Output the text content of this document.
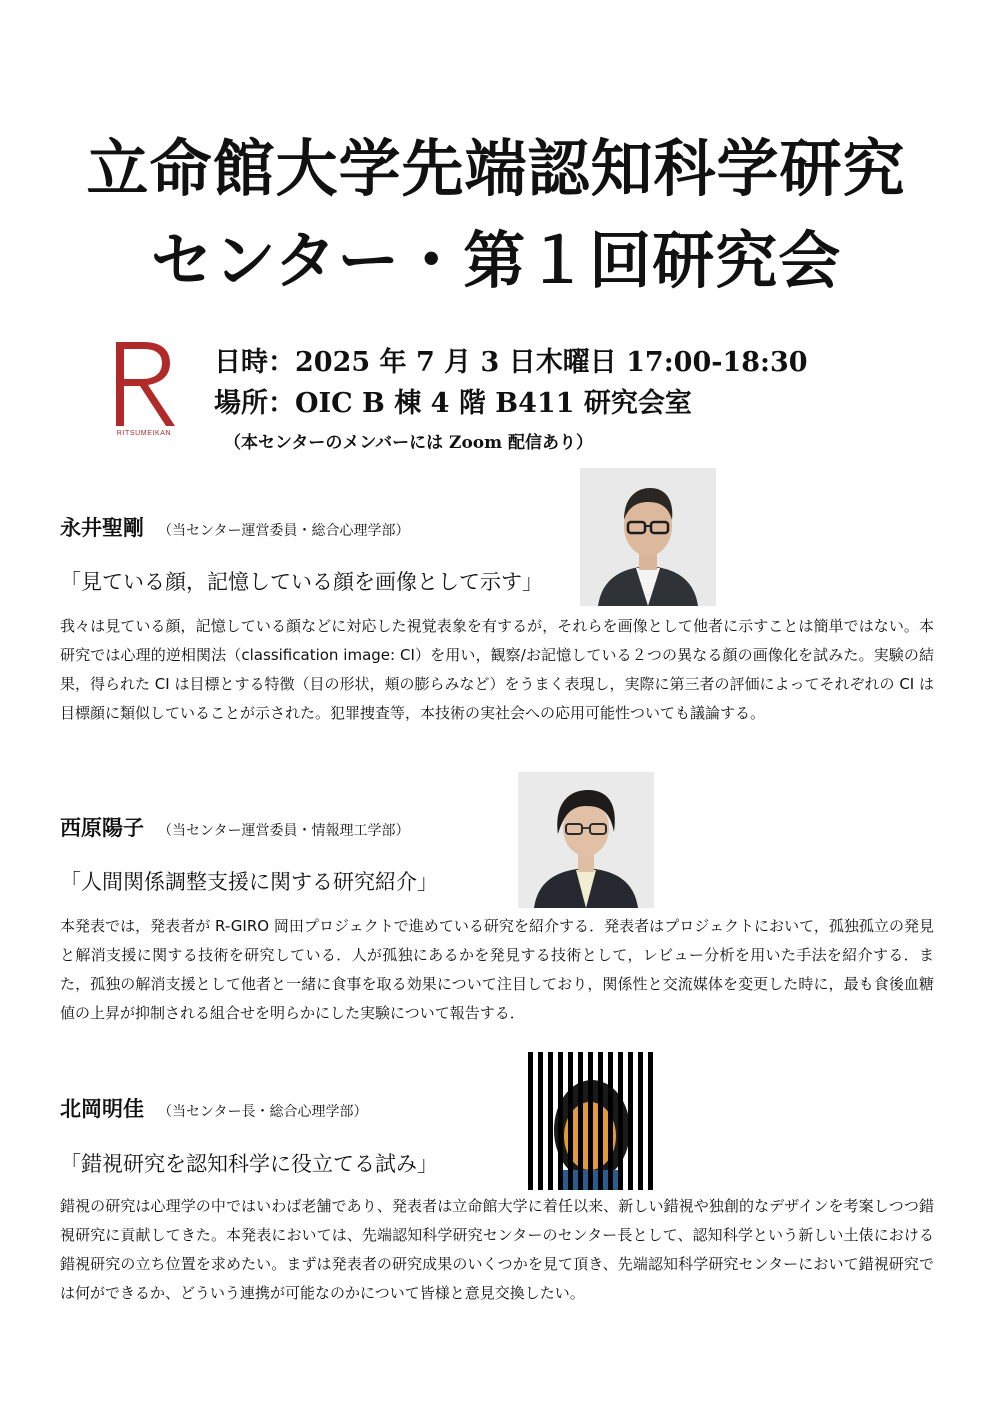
立命館大学先端認知科学研究
センター・第１回研究会
RITSUMEIKAN
日時：2025 年 7 月 3 日木曜日 17:00-18:30
場所：OIC B 棟 4 階 B411 研究会室
（本センターのメンバーには Zoom 配信あり）
永井聖剛 （当センター運営委員・総合心理学部）
「見ている顔，記憶している顔を画像として示す」

我々は見ている顔，記憶している顔などに対応した視覚表象を有するが，それらを画像として他者に示すことは簡単ではない。本研究では心理的逆相関法（classification image: CI）を用い，観察/お記憶している２つの異なる顔の画像化を試みた。実験の結果，得られた CI は目標とする特徴（目の形状，頬の膨らみなど）をうまく表現し，実際に第三者の評価によってそれぞれの CI は目標顔に類似していることが示された。犯罪捜査等，本技術の実社会への応用可能性ついても議論する。

西原陽子 （当センター運営委員・情報理工学部）
「人間関係調整支援に関する研究紹介」

本発表では，発表者が R-GIRO 岡田プロジェクトで進めている研究を紹介する．発表者はプロジェクトにおいて，孤独孤立の発見と解消支援に関する技術を研究している．人が孤独にあるかを発見する技術として，レビュー分析を用いた手法を紹介する．また，孤独の解消支援として他者と一緒に食事を取る効果について注目しており，関係性と交流媒体を変更した時に，最も食後血糖値の上昇が抑制される組合せを明らかにした実験について報告する．

北岡明佳 （当センター長・総合心理学部）
「錯視研究を認知科学に役立てる試み」

錯視の研究は心理学の中ではいわば老舗であり、発表者は立命館大学に着任以来、新しい錯視や独創的なデザインを考案しつつ錯視研究に貢献してきた。本発表においては、先端認知科学研究センターのセンター長として、認知科学という新しい土俵における錯視研究の立ち位置を求めたい。まずは発表者の研究成果のいくつかを見て頂き、先端認知科学研究センターにおいて錯視研究では何ができるか、どういう連携が可能なのかについて皆様と意見交換したい。
